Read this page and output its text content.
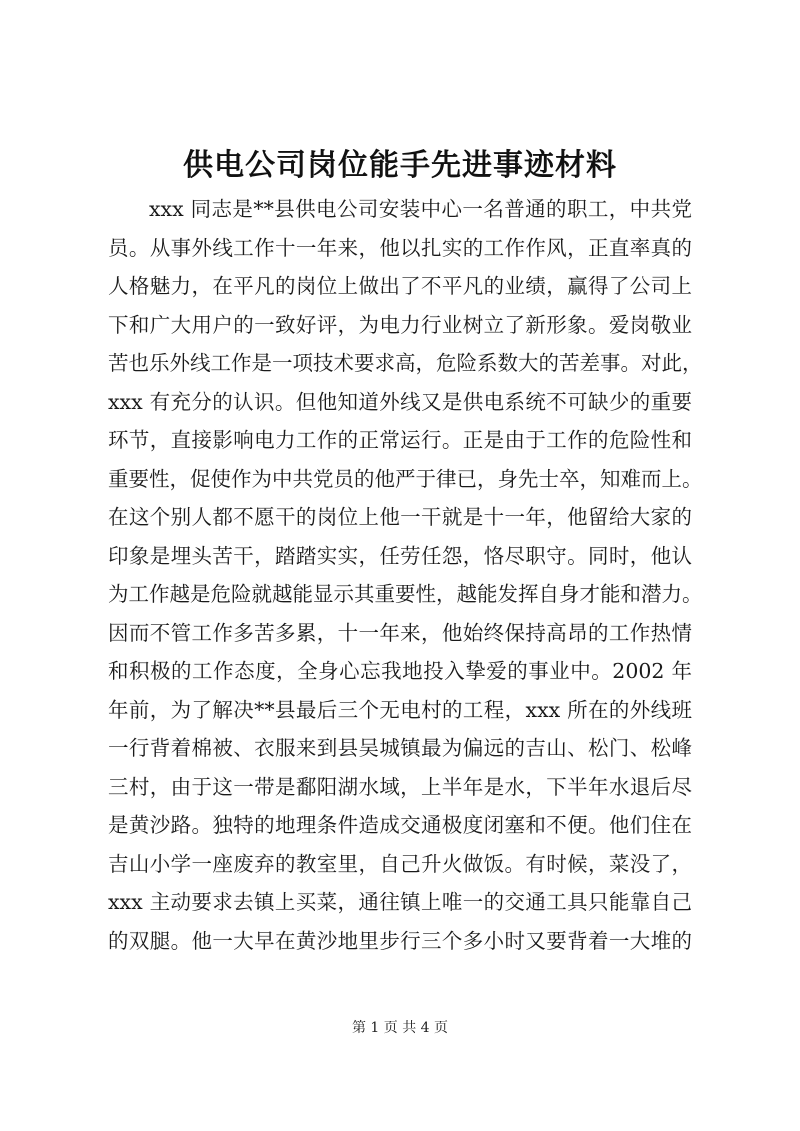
供电公司岗位能手先进事迹材料
xxx 同志是**县供电公司安装中心一名普通的职工，中共党
员。从事外线工作十一年来，他以扎实的工作作风，正直率真的
人格魅力，在平凡的岗位上做出了不平凡的业绩，赢得了公司上
下和广大用户的一致好评，为电力行业树立了新形象。爱岗敬业
苦也乐外线工作是一项技术要求高，危险系数大的苦差事。对此，
xxx 有充分的认识。但他知道外线又是供电系统不可缺少的重要
环节，直接影响电力工作的正常运行。正是由于工作的危险性和
重要性，促使作为中共党员的他严于律已，身先士卒，知难而上。
在这个别人都不愿干的岗位上他一干就是十一年，他留给大家的
印象是埋头苦干，踏踏实实，任劳任怨，恪尽职守。同时，他认
为工作越是危险就越能显示其重要性，越能发挥自身才能和潜力。
因而不管工作多苦多累，十一年来，他始终保持高昂的工作热情
和积极的工作态度，全身心忘我地投入挚爱的事业中。2002 年
年前，为了解决**县最后三个无电村的工程，xxx 所在的外线班
一行背着棉被、衣服来到县吴城镇最为偏远的吉山、松门、松峰
三村，由于这一带是鄱阳湖水域，上半年是水，下半年水退后尽
是黄沙路。独特的地理条件造成交通极度闭塞和不便。他们住在
吉山小学一座废弃的教室里，自己升火做饭。有时候，菜没了，
xxx 主动要求去镇上买菜，通往镇上唯一的交通工具只能靠自己
的双腿。他一大早在黄沙地里步行三个多小时又要背着一大堆的
第 1 页 共 4 页
